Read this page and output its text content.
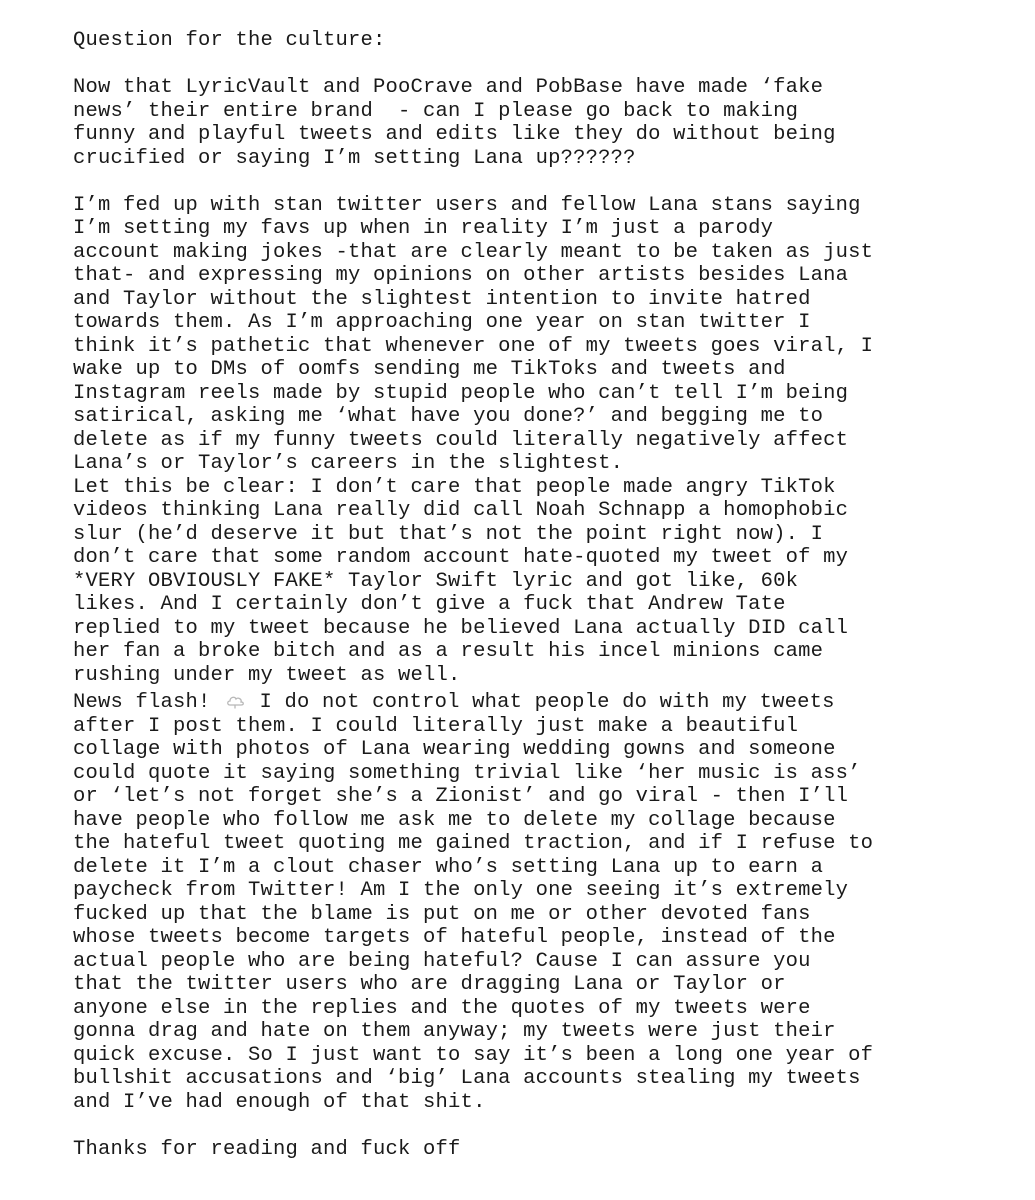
Question for the culture:

Now that LyricVault and PooCrave and PobBase have made ‘fake
news’ their entire brand  - can I please go back to making
funny and playful tweets and edits like they do without being
crucified or saying I’m setting Lana up??????

I’m fed up with stan twitter users and fellow Lana stans saying
I’m setting my favs up when in reality I’m just a parody
account making jokes -that are clearly meant to be taken as just
that- and expressing my opinions on other artists besides Lana
and Taylor without the slightest intention to invite hatred
towards them. As I’m approaching one year on stan twitter I
think it’s pathetic that whenever one of my tweets goes viral, I
wake up to DMs of oomfs sending me TikToks and tweets and
Instagram reels made by stupid people who can’t tell I’m being
satirical, asking me ‘what have you done?’ and begging me to
delete as if my funny tweets could literally negatively affect
Lana’s or Taylor’s careers in the slightest.

Let this be clear: I don’t care that people made angry TikTok
videos thinking Lana really did call Noah Schnapp a homophobic
slur (he’d deserve it but that’s not the point right now). I
don’t care that some random account hate-quoted my tweet of my
*VERY OBVIOUSLY FAKE* Taylor Swift lyric and got like, 60k
likes. And I certainly don’t give a fuck that Andrew Tate
replied to my tweet because he believed Lana actually DID call
her fan a broke bitch and as a result his incel minions came
rushing under my tweet as well.

News flash!  I do not control what people do with my tweets
after I post them. I could literally just make a beautiful
collage with photos of Lana wearing wedding gowns and someone
could quote it saying something trivial like ‘her music is ass’
or ‘let’s not forget she’s a Zionist’ and go viral - then I’ll
have people who follow me ask me to delete my collage because
the hateful tweet quoting me gained traction, and if I refuse to
delete it I’m a clout chaser who’s setting Lana up to earn a
paycheck from Twitter! Am I the only one seeing it’s extremely
fucked up that the blame is put on me or other devoted fans
whose tweets become targets of hateful people, instead of the
actual people who are being hateful? Cause I can assure you
that the twitter users who are dragging Lana or Taylor or
anyone else in the replies and the quotes of my tweets were
gonna drag and hate on them anyway; my tweets were just their
quick excuse. So I just want to say it’s been a long one year of
bullshit accusations and ‘big’ Lana accounts stealing my tweets
and I’ve had enough of that shit.

Thanks for reading and fuck off
